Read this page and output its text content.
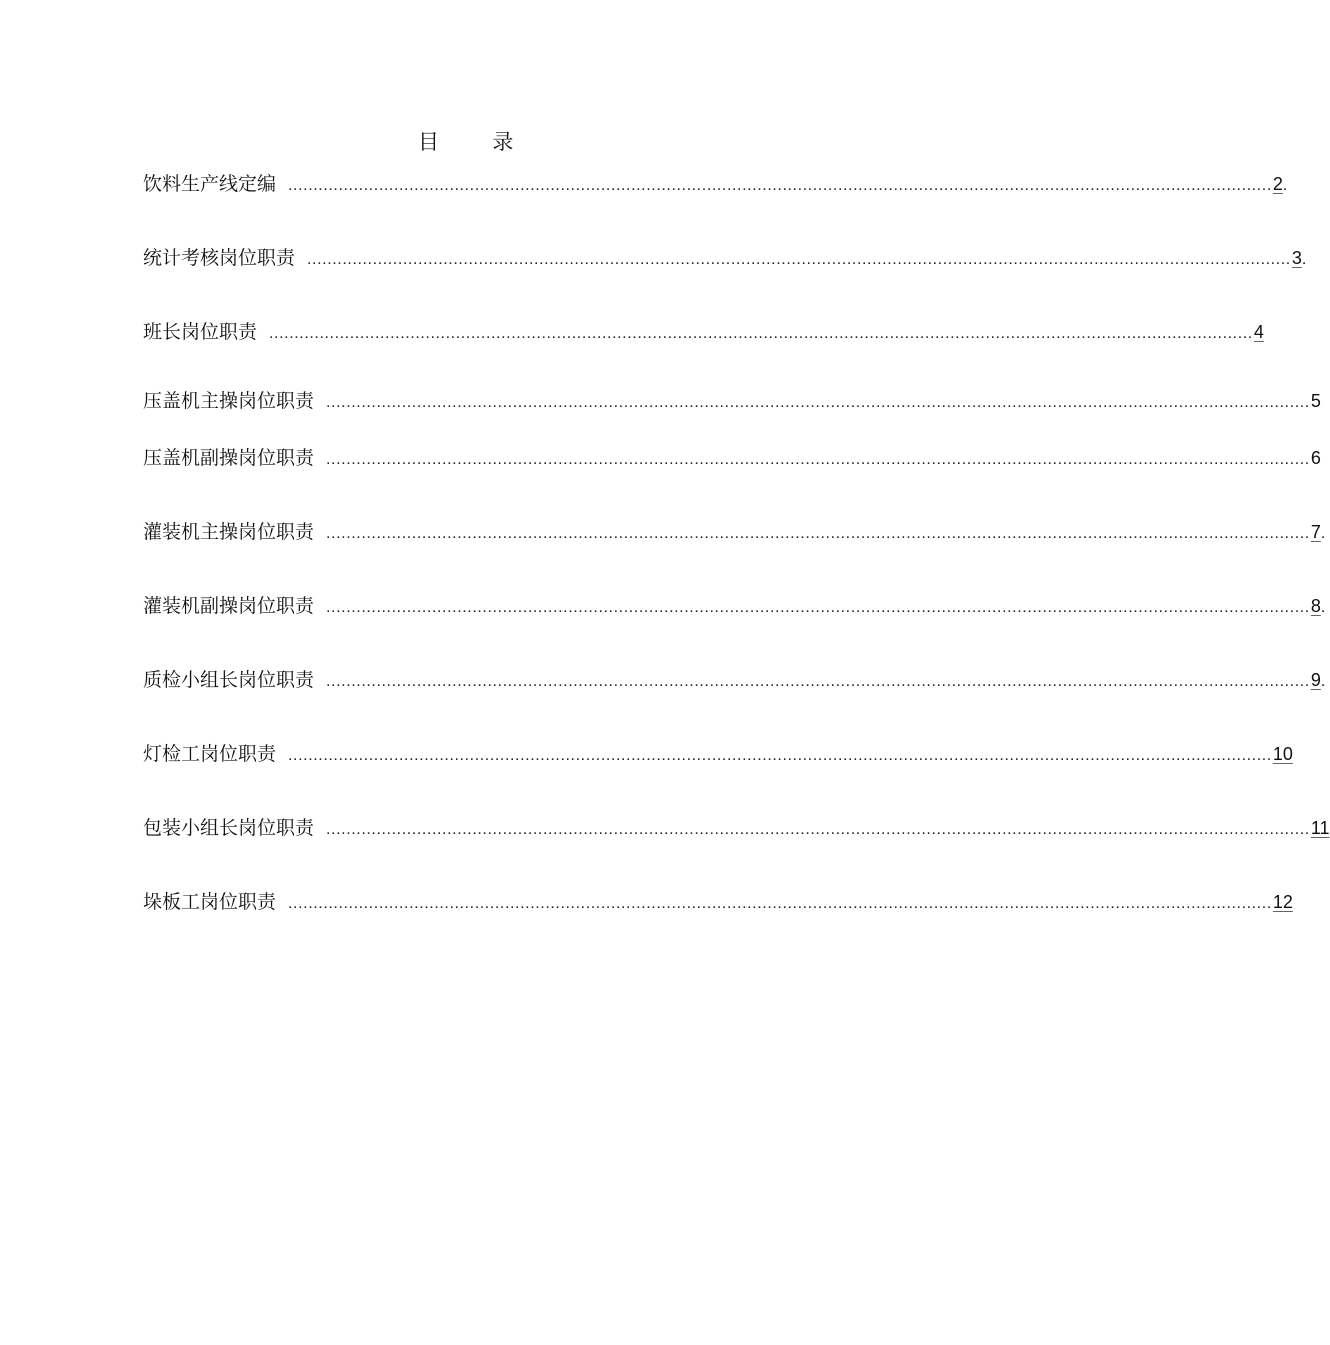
目        录
饮料生产线定编 ................................................................................................................................................................................................... 2 .
统计考核岗位职责 ................................................................................................................................................................................................... 3 .
班长岗位职责 ................................................................................................................................................................................................... 4
压盖机主操岗位职责 ................................................................................................................................................................................................... 5
压盖机副操岗位职责 ................................................................................................................................................................................................... 6
灌装机主操岗位职责 ................................................................................................................................................................................................... 7 .
灌装机副操岗位职责 ................................................................................................................................................................................................... 8 .
质检小组长岗位职责 ................................................................................................................................................................................................... 9 .
灯检工岗位职责 ................................................................................................................................................................................................... 10
包装小组长岗位职责 ................................................................................................................................................................................................... 11
垛板工岗位职责 ................................................................................................................................................................................................... 12
